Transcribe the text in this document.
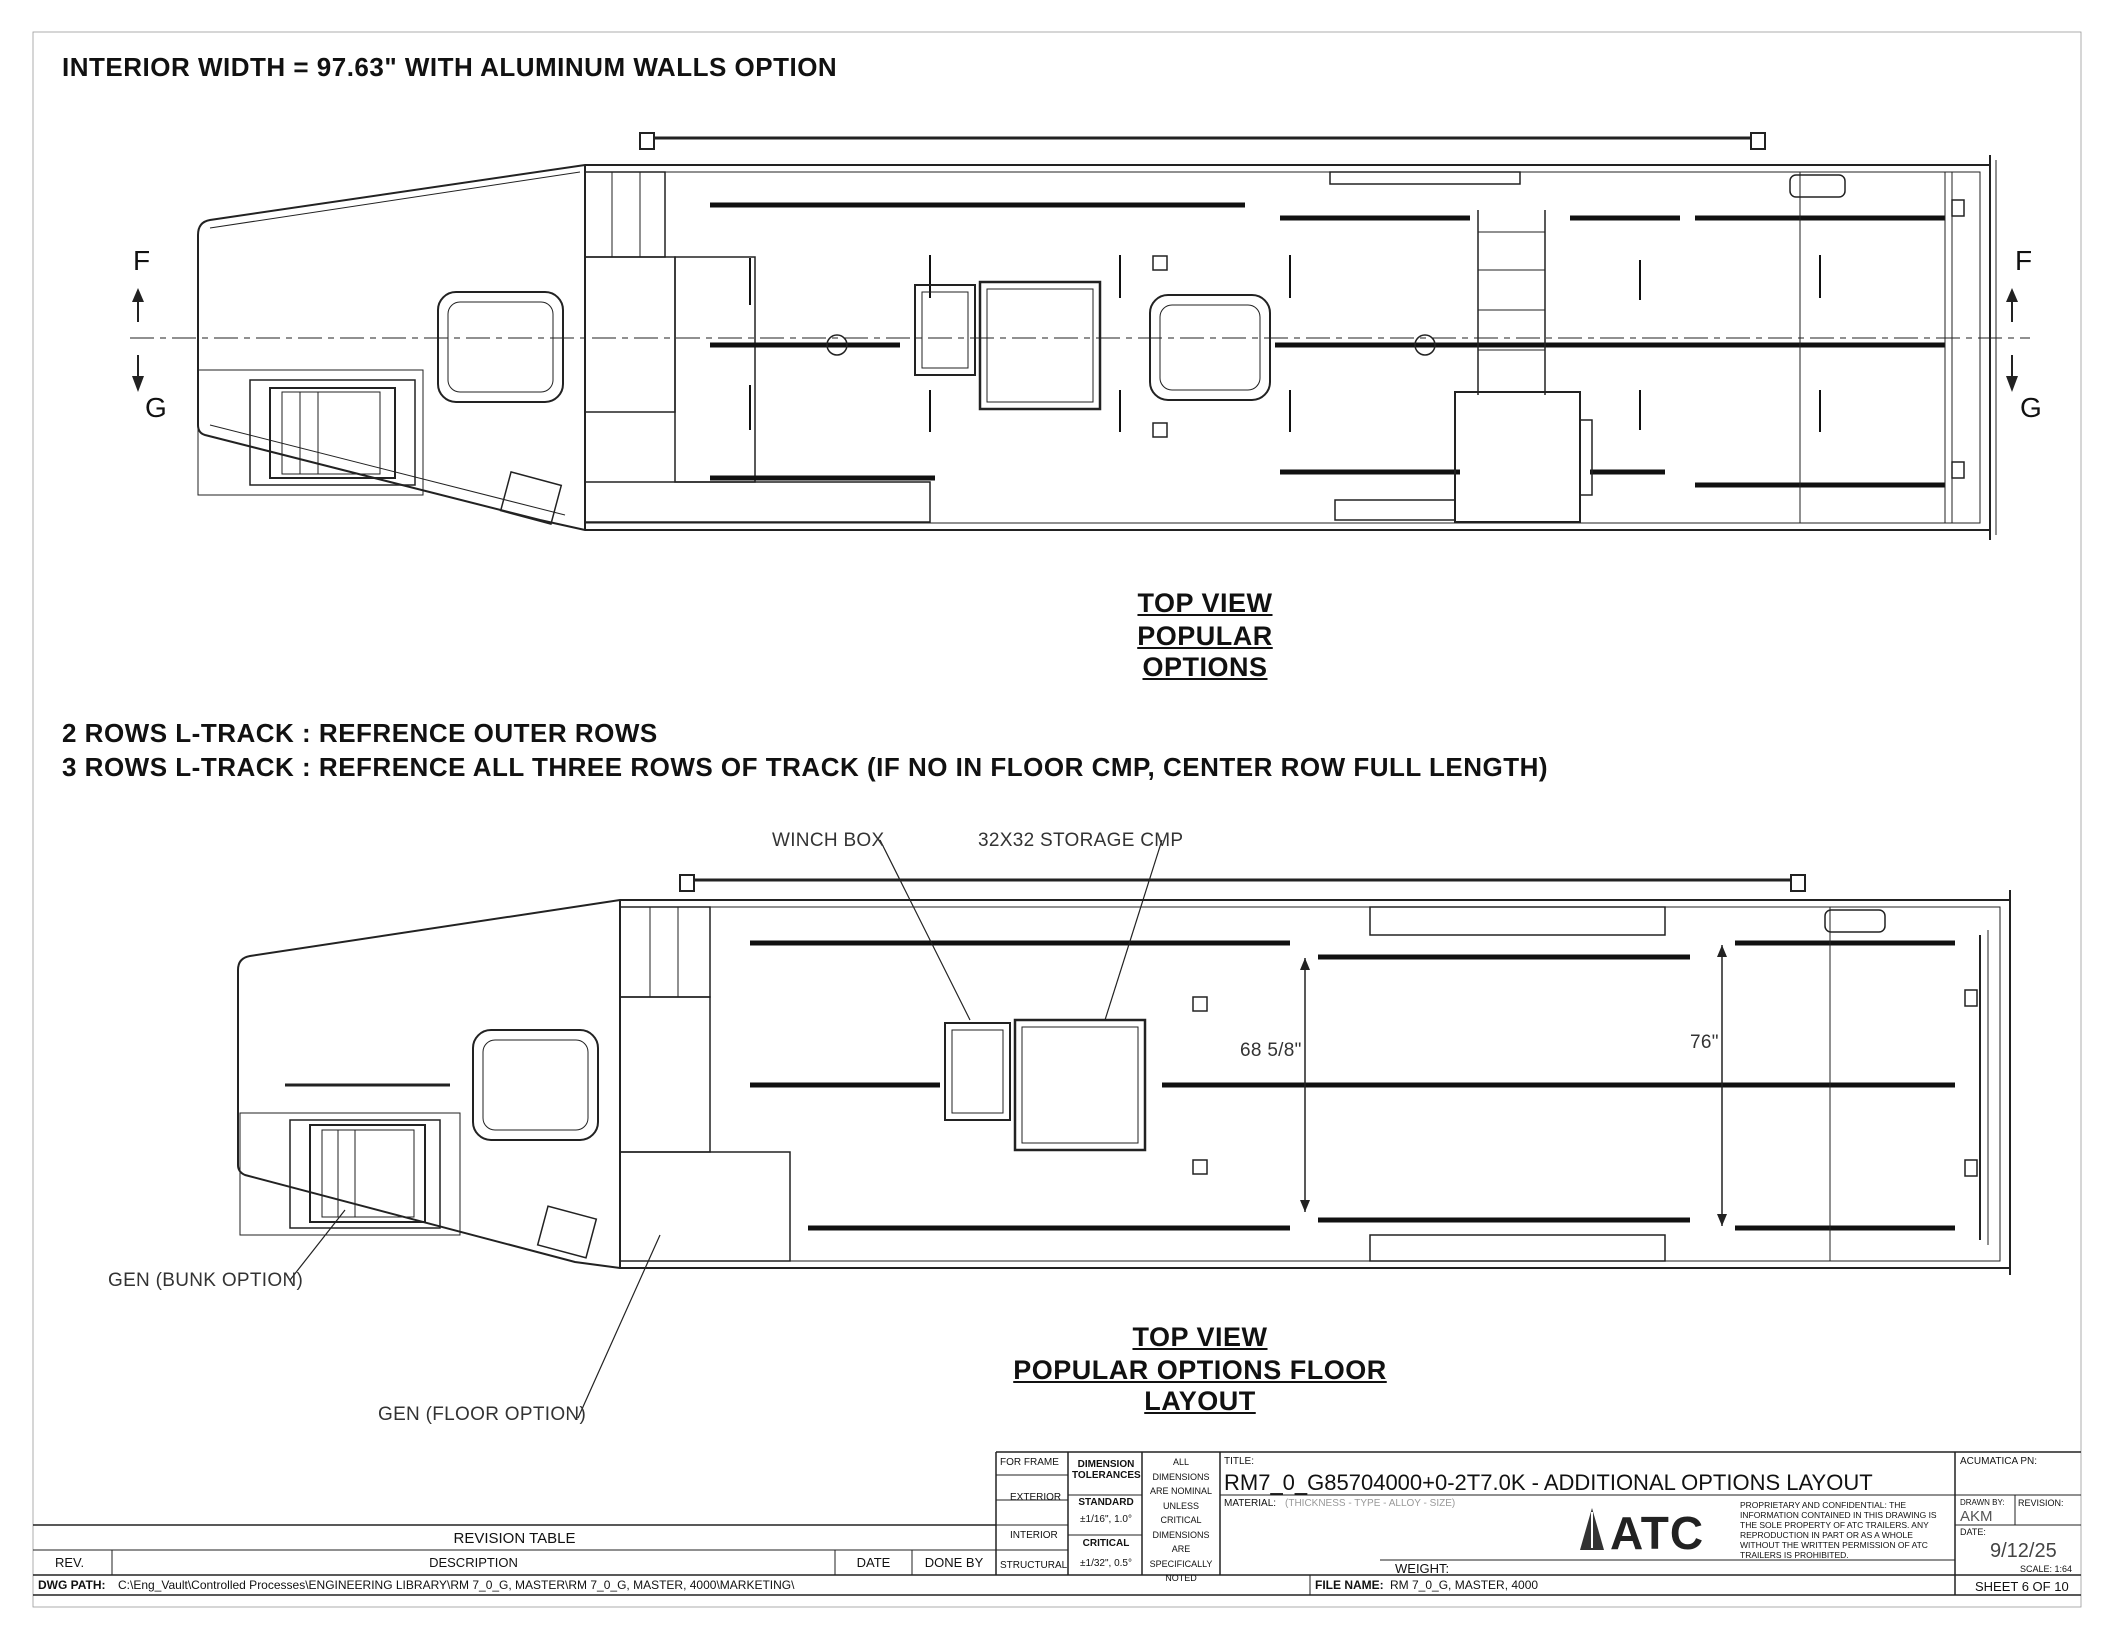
INTERIOR WIDTH = 97.63" WITH ALUMINUM WALLS OPTION
2 ROWS L-TRACK : REFRENCE OUTER ROWS
3 ROWS L-TRACK : REFRENCE ALL THREE ROWS OF TRACK (IF NO IN FLOOR CMP, CENTER ROW FULL LENGTH)
F
G
F
G
TOP VIEW
POPULAR OPTIONS
WINCH BOX	32X32 STORAGE CMP
GEN (BUNK OPTION)
GEN (FLOOR OPTION)
68 5/8"	76"
TOP VIEW
POPULAR OPTIONS FLOOR LAYOUT
FOR FRAME
EXTERIOR
INTERIOR
STRUCTURAL
DIMENSION TOLERANCES
STANDARD
±1/16", 1.0°
CRITICAL
±1/32", 0.5°
ALL
DIMENSIONS
ARE NOMINAL
UNLESS CRITICAL
DIMENSIONS
ARE
SPECIFICALLY
NOTED
TITLE:
RM7_0_G85704000+0-2T7.0K - ADDITIONAL OPTIONS LAYOUT
MATERIAL: (THICKNESS - TYPE - ALLOY - SIZE)
WEIGHT:
ATC
PROPRIETARY AND CONFIDENTIAL: THE INFORMATION CONTAINED IN THIS DRAWING IS THE SOLE PROPERTY OF ATC TRAILERS. ANY REPRODUCTION IN PART OR AS A WHOLE WITHOUT THE WRITTEN PERMISSION OF ATC TRAILERS IS PROHIBITED.
ACUMATICA PN:
DRAWN BY:
AKM
REVISION:
DATE:
9/12/25
SCALE: 1:64
SHEET 6 OF 10
REVISION TABLE
REV.	DESCRIPTION	DATE	DONE BY
DWG PATH: C:\Eng_Vault\Controlled Processes\ENGINEERING LIBRARY\RM 7_0_G, MASTER\RM 7_0_G, MASTER, 4000\MARKETING\	FILE NAME: RM 7_0_G, MASTER, 4000
